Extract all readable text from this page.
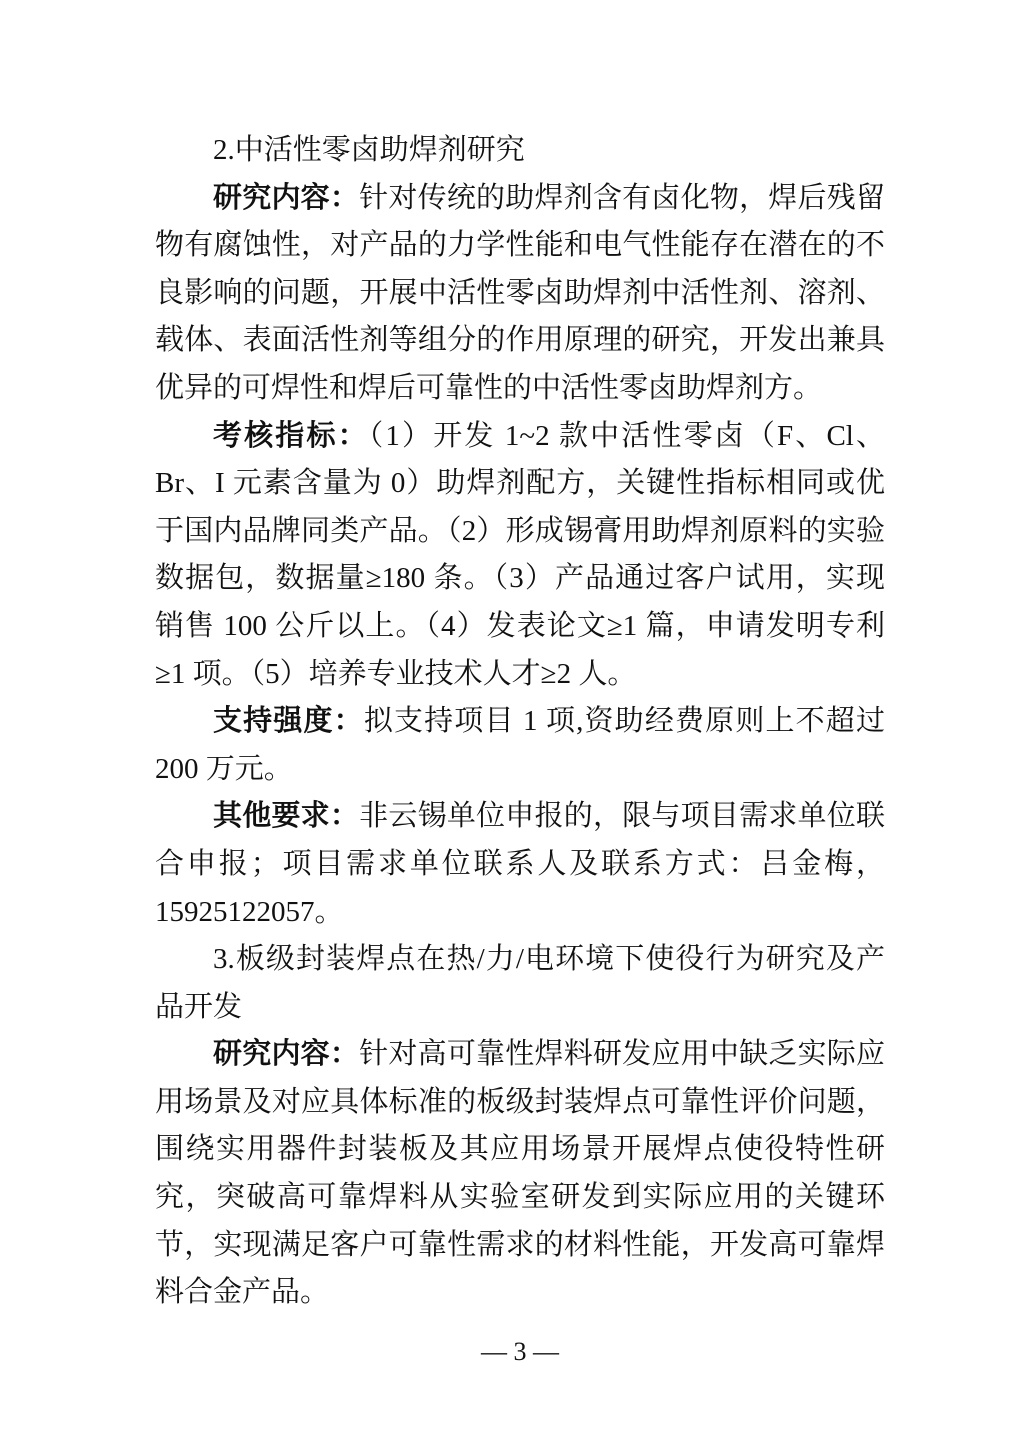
2.中活性零卤助焊剂研究

研究内容：针对传统的助焊剂含有卤化物，焊后残留物有腐蚀性，对产品的力学性能和电气性能存在潜在的不良影响的问题，开展中活性零卤助焊剂中活性剂、溶剂、载体、表面活性剂等组分的作用原理的研究，开发出兼具优异的可焊性和焊后可靠性的中活性零卤助焊剂方。

考核指标：（1）开发 1~2 款中活性零卤（F、Cl、Br、I 元素含量为 0）助焊剂配方，关键性指标相同或优于国内品牌同类产品。（2）形成锡膏用助焊剂原料的实验数据包，数据量≥180 条。（3）产品通过客户试用，实现销售 100 公斤以上。（4）发表论文≥1 篇，申请发明专利≥1 项。（5）培养专业技术人才≥2 人。

支持强度：拟支持项目 1 项,资助经费原则上不超过 200 万元。

其他要求：非云锡单位申报的，限与项目需求单位联合申报；项目需求单位联系人及联系方式：吕金梅，15925122057。

3.板级封装焊点在热/力/电环境下使役行为研究及产品开发

研究内容：针对高可靠性焊料研发应用中缺乏实际应用场景及对应具体标准的板级封装焊点可靠性评价问题，围绕实用器件封装板及其应用场景开展焊点使役特性研究，突破高可靠焊料从实验室研发到实际应用的关键环节，实现满足客户可靠性需求的材料性能，开发高可靠焊料合金产品。

— 3 —
